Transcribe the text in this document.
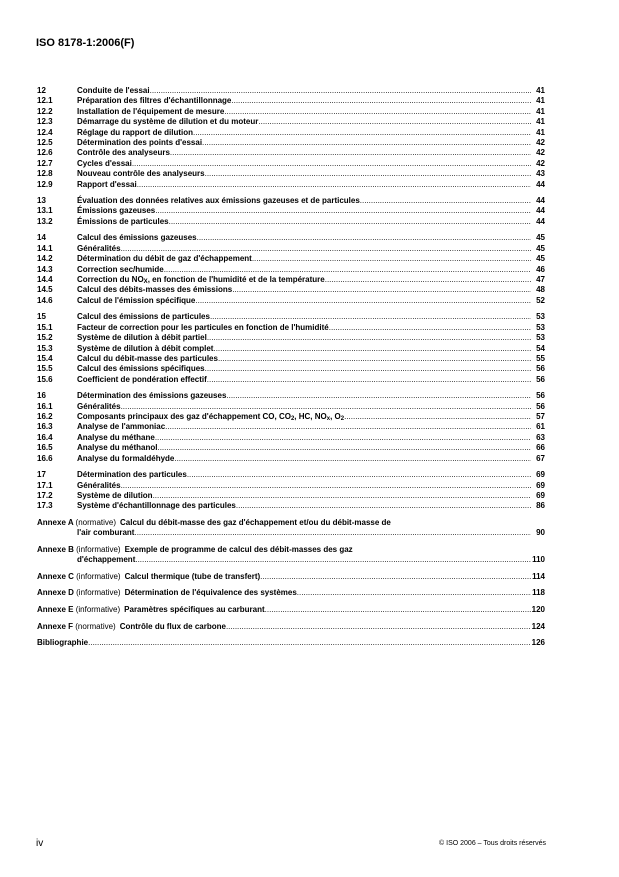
ISO 8178-1:2006(F)
12	Conduite de l'essai .....	41
12.1	Préparation des filtres d'échantillonnage .....	41
12.2	Installation de l'équipement de mesure .....	41
12.3	Démarrage du système de dilution et du moteur .....	41
12.4	Réglage du rapport de dilution .....	41
12.5	Détermination des points d'essai .....	42
12.6	Contrôle des analyseurs .....	42
12.7	Cycles d'essai .....	42
12.8	Nouveau contrôle des analyseurs .....	43
12.9	Rapport d'essai .....	44
13	Évaluation des données relatives aux émissions gazeuses et de particules .....	44
13.1	Émissions gazeuses .....	44
13.2	Émissions de particules .....	44
14	Calcul des émissions gazeuses .....	45
14.1	Généralités .....	45
14.2	Détermination du débit de gaz d'échappement .....	45
14.3	Correction sec/humide .....	46
14.4	Correction du $NO_X$, en fonction de l'humidité et de la température .....	47
14.5	Calcul des débits-masses des émissions .....	48
14.6	Calcul de l'émission spécifique .....	52
15	Calcul des émissions de particules .....	53
15.1	Facteur de correction pour les particules en fonction de l'humidité .....	53
15.2	Système de dilution à débit partiel .....	53
15.3	Système de dilution à débit complet .....	54
15.4	Calcul du débit-masse des particules .....	55
15.5	Calcul des émissions spécifiques .....	56
15.6	Coefficient de pondération effectif .....	56
16	Détermination des émissions gazeuses .....	56
16.1	Généralités .....	56
16.2	Composants principaux des gaz d'échappement CO, $CO_2$, HC, $NO_x$, $O_2$ .....	57
16.3	Analyse de l'ammoniac .....	61
16.4	Analyse du méthane .....	63
16.5	Analyse du méthanol .....	66
16.6	Analyse du formaldéhyde .....	67
17	Détermination des particules .....	69
17.1	Généralités .....	69
17.2	Système de dilution .....	69
17.3	Système d'échantillonnage des particules .....	86
Annexe A (normative) Calcul du débit-masse des gaz d'échappement et/ou du débit-masse de
l'air comburant .....	90
Annexe B (informative) Exemple de programme de calcul des débit-masses des gaz
d'échappement .....	110
Annexe C
(informative) Calcul thermique (tube de transfert) .....	114
Annexe D
(informative) Détermination de l'équivalence des systèmes .....	118
Annexe E
(informative) Paramètres spécifiques au carburant .....	120
Annexe F
(normative) Contrôle du flux de carbone .....	124
Bibliographie .....	126
iv	© ISO 2006 – Tous droits réservés
